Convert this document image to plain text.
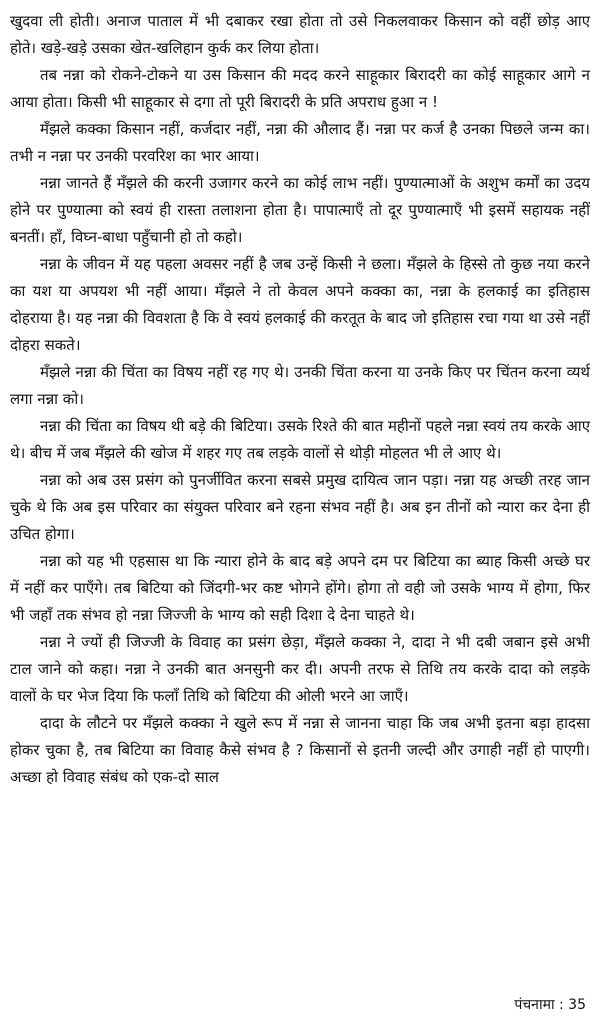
खुदवा ली होती। अनाज पाताल में भी दबाकर रखा होता तो उसे निकलवाकर किसान को वहीं छोड़ आए होते। खड़े-खड़े उसका खेत-खलिहान कुर्क कर लिया होता।

तब नन्ना को रोकने-टोकने या उस किसान की मदद करने साहूकार बिरादरी का कोई साहूकार आगे न आया होता। किसी भी साहूकार से दगा तो पूरी बिरादरी के प्रति अपराध हुआ न !

मँझले कक्का किसान नहीं, कर्जदार नहीं, नन्ना की औलाद हैं। नन्ना पर कर्ज है उनका पिछले जन्म का। तभी न नन्ना पर उनकी परवरिश का भार आया।

नन्ना जानते हैं मँझले की करनी उजागर करने का कोई लाभ नहीं। पुण्यात्माओं के अशुभ कर्मों का उदय होने पर पुण्यात्मा को स्वयं ही रास्ता तलाशना होता है। पापात्माएँ तो दूर पुण्यात्माएँ भी इसमें सहायक नहीं बनतीं। हाँ, विघ्न-बाधा पहुँचानी हो तो कहो।

नन्ना के जीवन में यह पहला अवसर नहीं है जब उन्हें किसी ने छला। मँझले के हिस्से तो कुछ नया करने का यश या अपयश भी नहीं आया। मँझले ने तो केवल अपने कक्का का, नन्ना के हलकाई का इतिहास दोहराया है। यह नन्ना की विवशता है कि वे स्वयं हलकाई की करतूत के बाद जो इतिहास रचा गया था उसे नहीं दोहरा सकते।

मँझले नन्ना की चिंता का विषय नहीं रह गए थे। उनकी चिंता करना या उनके किए पर चिंतन करना व्यर्थ लगा नन्ना को।

नन्ना की चिंता का विषय थी बड़े की बिटिया। उसके रिश्ते की बात महीनों पहले नन्ना स्वयं तय करके आए थे। बीच में जब मँझले की खोज में शहर गए तब लड़के वालों से थोड़ी मोहलत भी ले आए थे।

नन्ना को अब उस प्रसंग को पुनर्जीवित करना सबसे प्रमुख दायित्व जान पड़ा। नन्ना यह अच्छी तरह जान चुके थे कि अब इस परिवार का संयुक्त परिवार बने रहना संभव नहीं है। अब इन तीनों को न्यारा कर देना ही उचित होगा।

नन्ना को यह भी एहसास था कि न्यारा होने के बाद बड़े अपने दम पर बिटिया का ब्याह किसी अच्छे घर में नहीं कर पाएँगे। तब बिटिया को जिंदगी-भर कष्ट भोगने होंगे। होगा तो वही जो उसके भाग्य में होगा, फिर भी जहाँ तक संभव हो नन्ना जिज्जी के भाग्य को सही दिशा दे देना चाहते थे।

नन्ना ने ज्यों ही जिज्जी के विवाह का प्रसंग छेड़ा, मँझले कक्का ने, दादा ने भी दबी जबान इसे अभी टाल जाने को कहा। नन्ना ने उनकी बात अनसुनी कर दी। अपनी तरफ से तिथि तय करके दादा को लड़के वालों के घर भेज दिया कि फलाँ तिथि को बिटिया की ओली भरने आ जाएँ।

दादा के लौटने पर मँझले कक्का ने खुले रूप में नन्ना से जानना चाहा कि जब अभी इतना बड़ा हादसा होकर चुका है, तब बिटिया का विवाह कैसे संभव है ? किसानों से इतनी जल्दी और उगाही नहीं हो पाएगी। अच्छा हो विवाह संबंध को एक-दो साल

पंचनामा : 35
